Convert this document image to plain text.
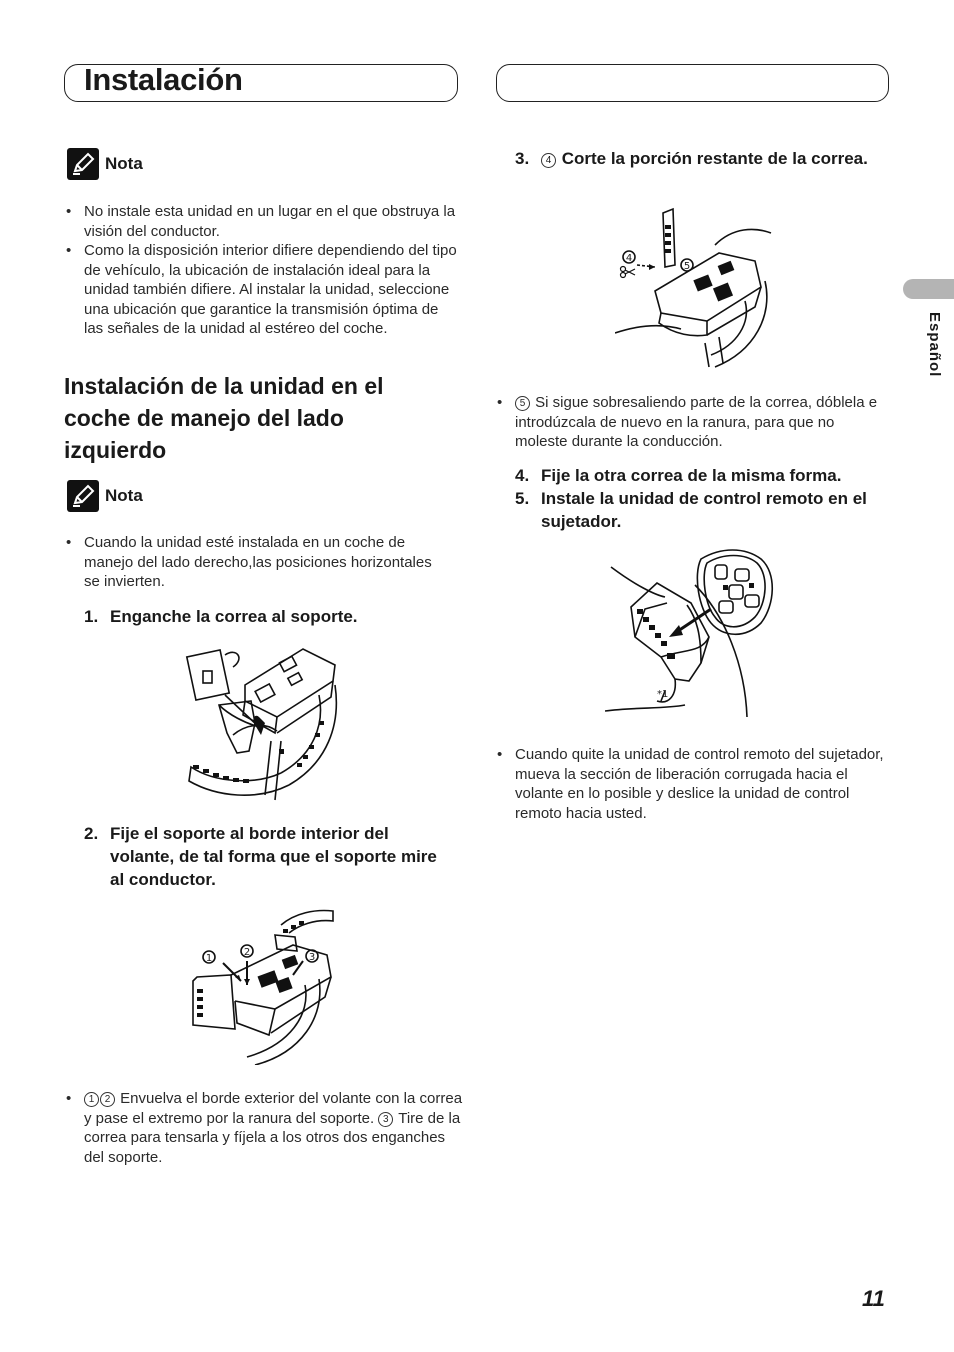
Instalación
Español
Nota
• No instale esta unidad en un lugar en el que obstruya la visión del conductor.
• Como la disposición interior difiere dependiendo del tipo de vehículo, la ubicación de instalación ideal para la unidad también difiere. Al instalar la unidad, seleccione una ubicación que garantice la transmisión óptima de las señales de la unidad al estéreo del coche.
Instalación de la unidad en el coche de manejo del lado izquierdo
Nota
• Cuando la unidad esté instalada en un coche de manejo del lado derecho,las posiciones horizontales se invierten.
1. Enganche la correa al soporte.
2. Fije el soporte al borde interior del volante, de tal forma que el soporte mire al conductor.
1
2	3
• 1 2 Envuelva el borde exterior del volante con la correa y pase el extremo por la ranura del soporte. 3 Tire de la correa para tensarla y fíjela a los otros dos enganches del soporte.
3.	4 Corte la porción restante de la correa.
4
5
• 5 Si sigue sobresaliendo parte de la correa, dóblela e introdúzcala de nuevo en la ranura, para que no moleste durante la conducción.
4. Fije la otra correa de la misma forma.
5. Instale la unidad de control remoto en el sujetador.
*1
• Cuando quite la unidad de control remoto del sujetador, mueva la sección de liberación corrugada hacia el volante en lo posible y deslice la unidad de control remoto hacia usted.
11
